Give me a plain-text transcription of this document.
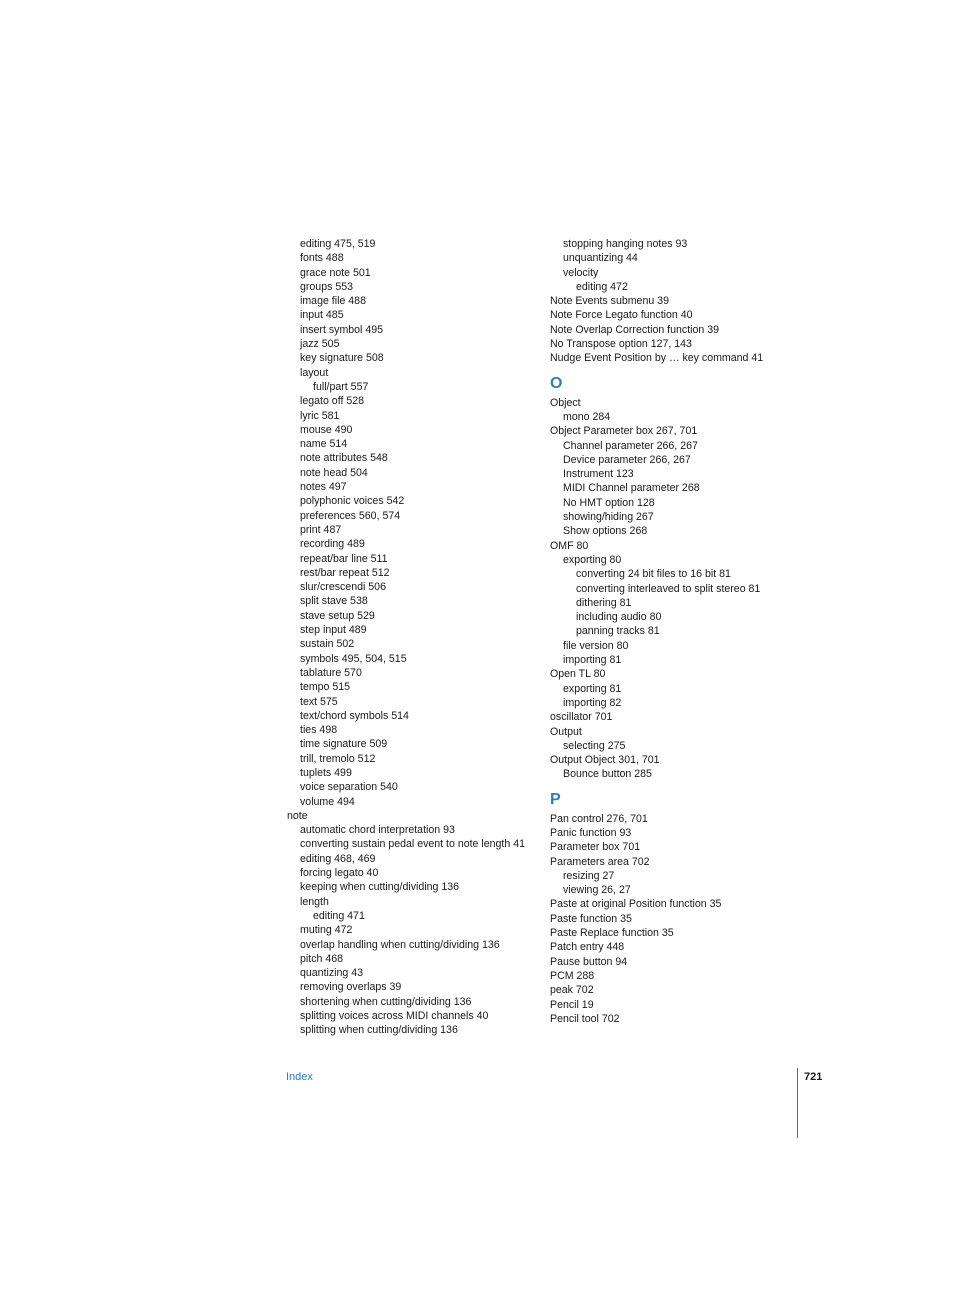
editing 475, 519
fonts 488
grace note 501
groups 553
image file 488
input 485
insert symbol 495
jazz 505
key signature 508
layout
full/part 557
legato off 528
lyric 581
mouse 490
name 514
note attributes 548
note head 504
notes 497
polyphonic voices 542
preferences 560, 574
print 487
recording 489
repeat/bar line 511
rest/bar repeat 512
slur/crescendi 506
split stave 538
stave setup 529
step input 489
sustain 502
symbols 495, 504, 515
tablature 570
tempo 515
text 575
text/chord symbols 514
ties 498
time signature 509
trill, tremolo 512
tuplets 499
voice separation 540
volume 494
note
automatic chord interpretation 93
converting sustain pedal event to note length 41
editing 468, 469
forcing legato 40
keeping when cutting/dividing 136
length
editing 471
muting 472
overlap handling when cutting/dividing 136
pitch 468
quantizing 43
removing overlaps 39
shortening when cutting/dividing 136
splitting voices across MIDI channels 40
splitting when cutting/dividing 136
stopping hanging notes 93
unquantizing 44
velocity
editing 472
Note Events submenu 39
Note Force Legato function 40
Note Overlap Correction function 39
No Transpose option 127, 143
Nudge Event Position by … key command 41
O
Object
mono 284
Object Parameter box 267, 701
Channel parameter 266, 267
Device parameter 266, 267
Instrument 123
MIDI Channel parameter 268
No HMT option 128
showing/hiding 267
Show options 268
OMF 80
exporting 80
converting 24 bit files to 16 bit 81
converting interleaved to split stereo 81
dithering 81
including audio 80
panning tracks 81
file version 80
importing 81
Open TL 80
exporting 81
importing 82
oscillator 701
Output
selecting 275
Output Object 301, 701
Bounce button 285
P
Pan control 276, 701
Panic function 93
Parameter box 701
Parameters area 702
resizing 27
viewing 26, 27
Paste at original Position function 35
Paste function 35
Paste Replace function 35
Patch entry 448
Pause button 94
PCM 288
peak 702
Pencil 19
Pencil tool 702
Index	721
